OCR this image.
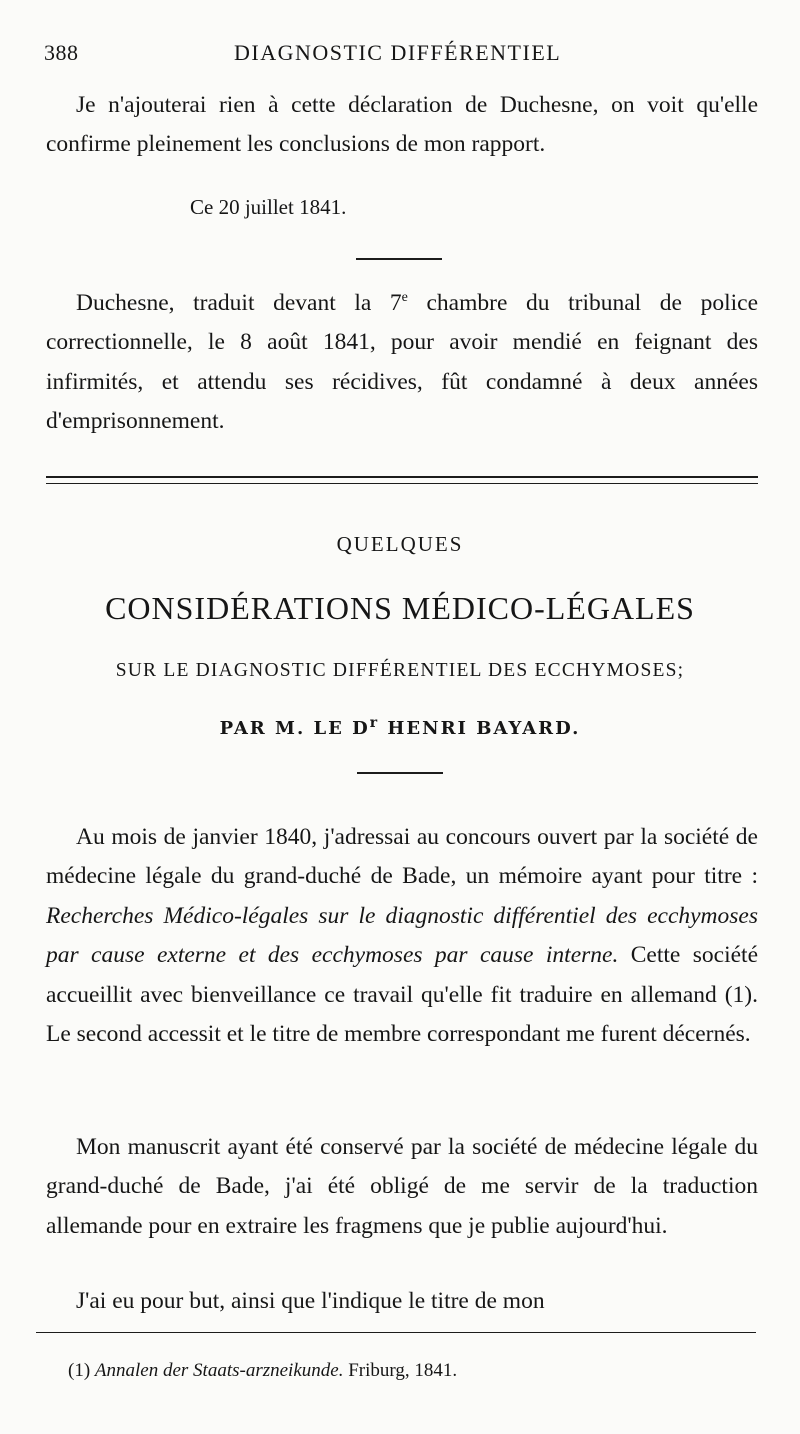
388	DIAGNOSTIC DIFFÉRENTIEL

Je n'ajouterai rien à cette déclaration de Duchesne, on voit qu'elle confirme pleinement les conclusions de mon rapport.

Ce 20 juillet 1841.

Duchesne, traduit devant la 7e chambre du tribunal de police correctionnelle, le 8 août 1841, pour avoir mendié en feignant des infirmités, et attendu ses récidives, fût condamné à deux années d'emprisonnement.

QUELQUES
CONSIDÉRATIONS MÉDICO-LÉGALES
SUR LE DIAGNOSTIC DIFFÉRENTIEL DES ECCHYMOSES;
PAR M. LE $D^r$ HENRI BAYARD.

Au mois de janvier 1840, j'adressai au concours ouvert par la société de médecine légale du grand-duché de Bade, un mémoire ayant pour titre : Recherches Médico-légales sur le diagnostic différentiel des ecchymoses par cause externe et des ecchymoses par cause interne. Cette société accueillit avec bienveillance ce travail qu'elle fit traduire en allemand (1). Le second accessit et le titre de membre correspondant me furent décernés.

Mon manuscrit ayant été conservé par la société de médecine légale du grand-duché de Bade, j'ai été obligé de me servir de la traduction allemande pour en extraire les fragmens que je publie aujourd'hui.

J'ai eu pour but, ainsi que l'indique le titre de mon

(1) Annalen der Staats-arzneikunde. Friburg, 1841.
